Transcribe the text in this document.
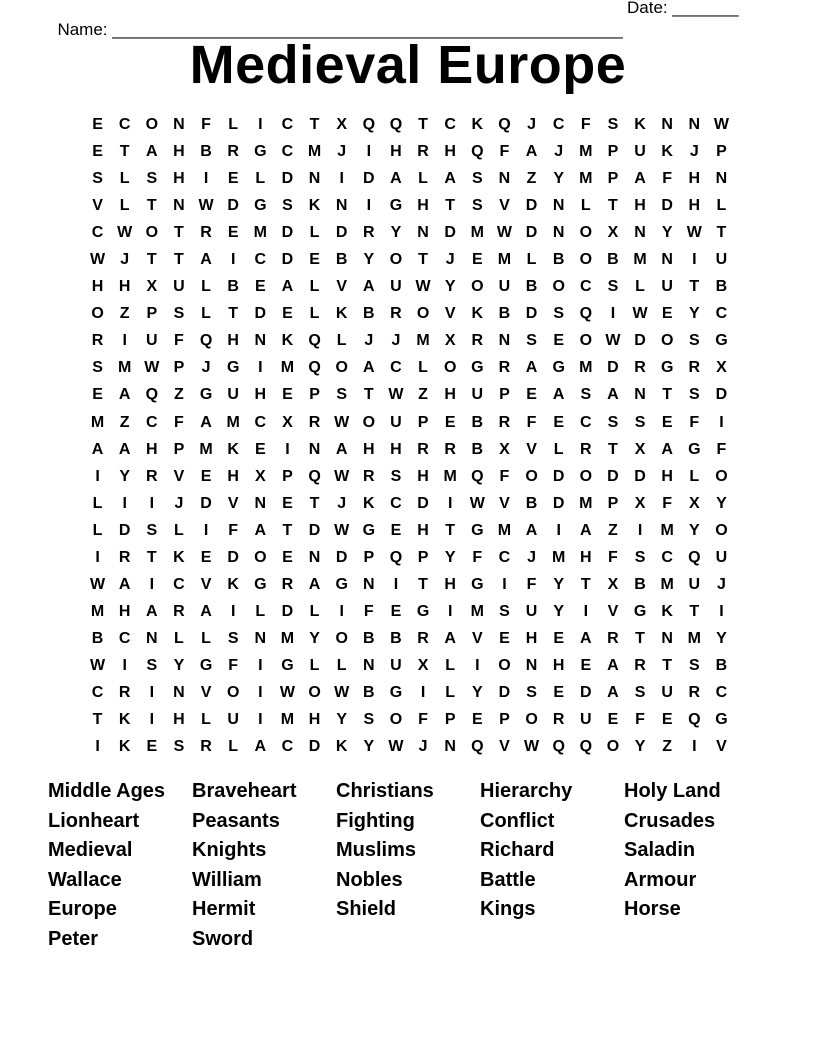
Name: ______________________________________________________

Date: _______

Medieval Europe
E	C O N	F	L	I	C	T	X Q Q	T	C K Q	J	C	F	S	K N N W
E	T	A H B R G C M	J	I	H R H Q	F	A	J	M P	U K	J	P
S	L	S	H	I	E	L	D N	I	D A	L	A	S	N	Z	Y M P	A	F	H N
V	L	T	N W D G S	K N	I	G H	T	S	V	D N	L	T	H D H	L
C W O	T	R	E M D	L	D R	Y	N D M W D N O X	N	Y W T
W J	T	T	A	I	C D	E	B	Y O	T	J	E M L	B O B M N	I	U
H H	X	U	L	B	E	A	L	V	A U W Y O U B O C	S	L	U	T	B
O	Z	P	S	L	T	D	E	L	K B R O V	K B D	S Q	I	W E	Y	C
R	I	U	F	Q H N K Q	L	J	J	M X	R N	S	E O W D O S G
S M W P	J	G	I	M Q O A C	L	O G R A G M D R G R	X
E	A Q	Z	G U H	E	P	S	T W Z	H U	P	E	A	S	A N	T	S	D
M Z	C	F	A M C	X	R W O U	P	E	B R	F	E	C	S	S	E	F	I
A A H	P M K	E	I	N A H H R R B	X	V	L	R	T	X	A G	F
I	Y	R	V	E	H	X	P Q W R	S	H M Q	F	O D O D D H	L	O
L	I	I	J	D	V	N	E	T	J	K C D	I	W V	B D M P	X	F	X	Y
L	D	S	L	I	F	A	T	D W G E	H	T	G M A	I	A	Z	I	M Y O
I	R	T	K	E	D O E	N D	P Q P	Y	F	C	J	M H	F	S	C Q U
W A	I	C	V	K G R A G N	I	T	H G	I	F	Y	T	X	B M U	J
M H A R A	I	L	D	L	I	F	E G	I	M S	U	Y	I	V G K	T	I
B C N	L	L	S	N M Y O B B R A	V	E	H	E	A R	T	N M Y
W	I	S	Y G	F	I	G	L	L	N U	X	L	I	O N H	E	A R	T	S	B
C R	I	N	V O	I	W O W B G	I	L	Y	D	S	E	D A	S	U R C
T	K	I	H	L	U	I	M H	Y	S O	F	P	E	P O R U	E	F	E Q G
I	K	E	S	R	L	A C D K	Y W J	N Q V W Q Q O Y	Z	I	V
Middle Ages	Braveheart	Christians	Hierarchy	Holy Land
Lionheart	Peasants	Fighting	Conflict	Crusades
Medieval	Knights	Muslims	Richard	Saladin
Wallace	William	Nobles	Battle	Armour
Europe	Hermit	Shield	Kings	Horse
Peter	Sword
